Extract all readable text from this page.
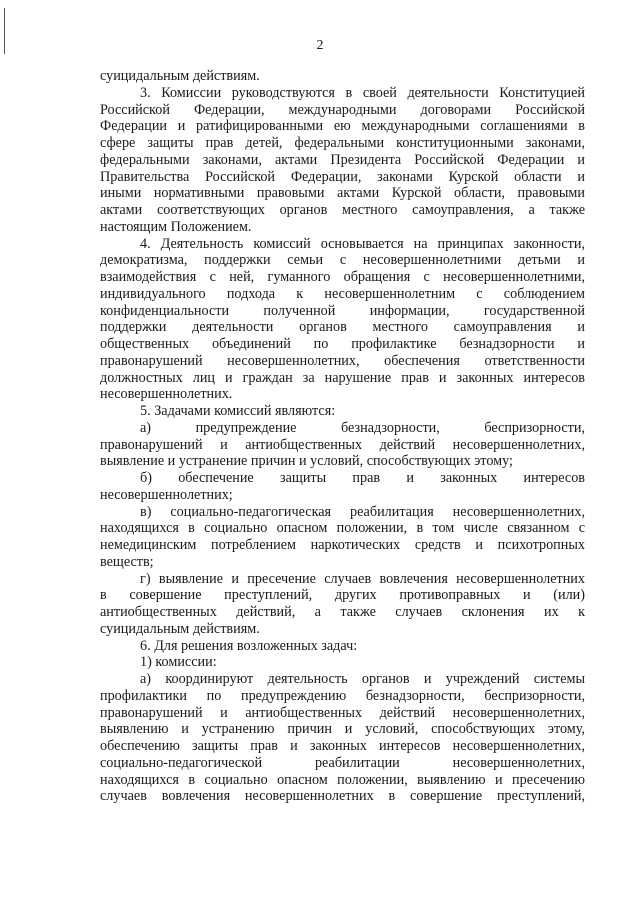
2
суицидальным действиям.
3. Комиссии руководствуются в своей деятельности Конституцией
Российской Федерации, международными договорами Российской
Федерации и ратифицированными ею международными соглашениями в
сфере защиты прав детей, федеральными конституционными законами,
федеральными законами, актами Президента Российской Федерации и
Правительства Российской Федерации, законами Курской области и
иными нормативными правовыми актами Курской области, правовыми
актами соответствующих органов местного самоуправления, а также
настоящим Положением.
4. Деятельность комиссий основывается на принципах законности,
демократизма, поддержки семьи с несовершеннолетними детьми и
взаимодействия с ней, гуманного обращения с несовершеннолетними,
индивидуального подхода к несовершеннолетним с соблюдением
конфиденциальности полученной информации, государственной
поддержки деятельности органов местного самоуправления и
общественных объединений по профилактике безнадзорности и
правонарушений несовершеннолетних, обеспечения ответственности
должностных лиц и граждан за нарушение прав и законных интересов
несовершеннолетних.
5. Задачами комиссий являются:
а) предупреждение безнадзорности, беспризорности,
правонарушений и антиобщественных действий несовершеннолетних,
выявление и устранение причин и условий, способствующих этому;
б) обеспечение защиты прав и законных интересов
несовершеннолетних;
в) социально-педагогическая реабилитация несовершеннолетних,
находящихся в социально опасном положении, в том числе связанном с
немедицинским потреблением наркотических средств и психотропных
веществ;
г) выявление и пресечение случаев вовлечения несовершеннолетних
в совершение преступлений, других противоправных и (или)
антиобщественных действий, а также случаев склонения их к
суицидальным действиям.
6. Для решения возложенных задач:
1) комиссии:
а) координируют деятельность органов и учреждений системы
профилактики по предупреждению безнадзорности, беспризорности,
правонарушений и антиобщественных действий несовершеннолетних,
выявлению и устранению причин и условий, способствующих этому,
обеспечению защиты прав и законных интересов несовершеннолетних,
социально-педагогической реабилитации несовершеннолетних,
находящихся в социально опасном положении, выявлению и пресечению
случаев вовлечения несовершеннолетних в совершение преступлений,
